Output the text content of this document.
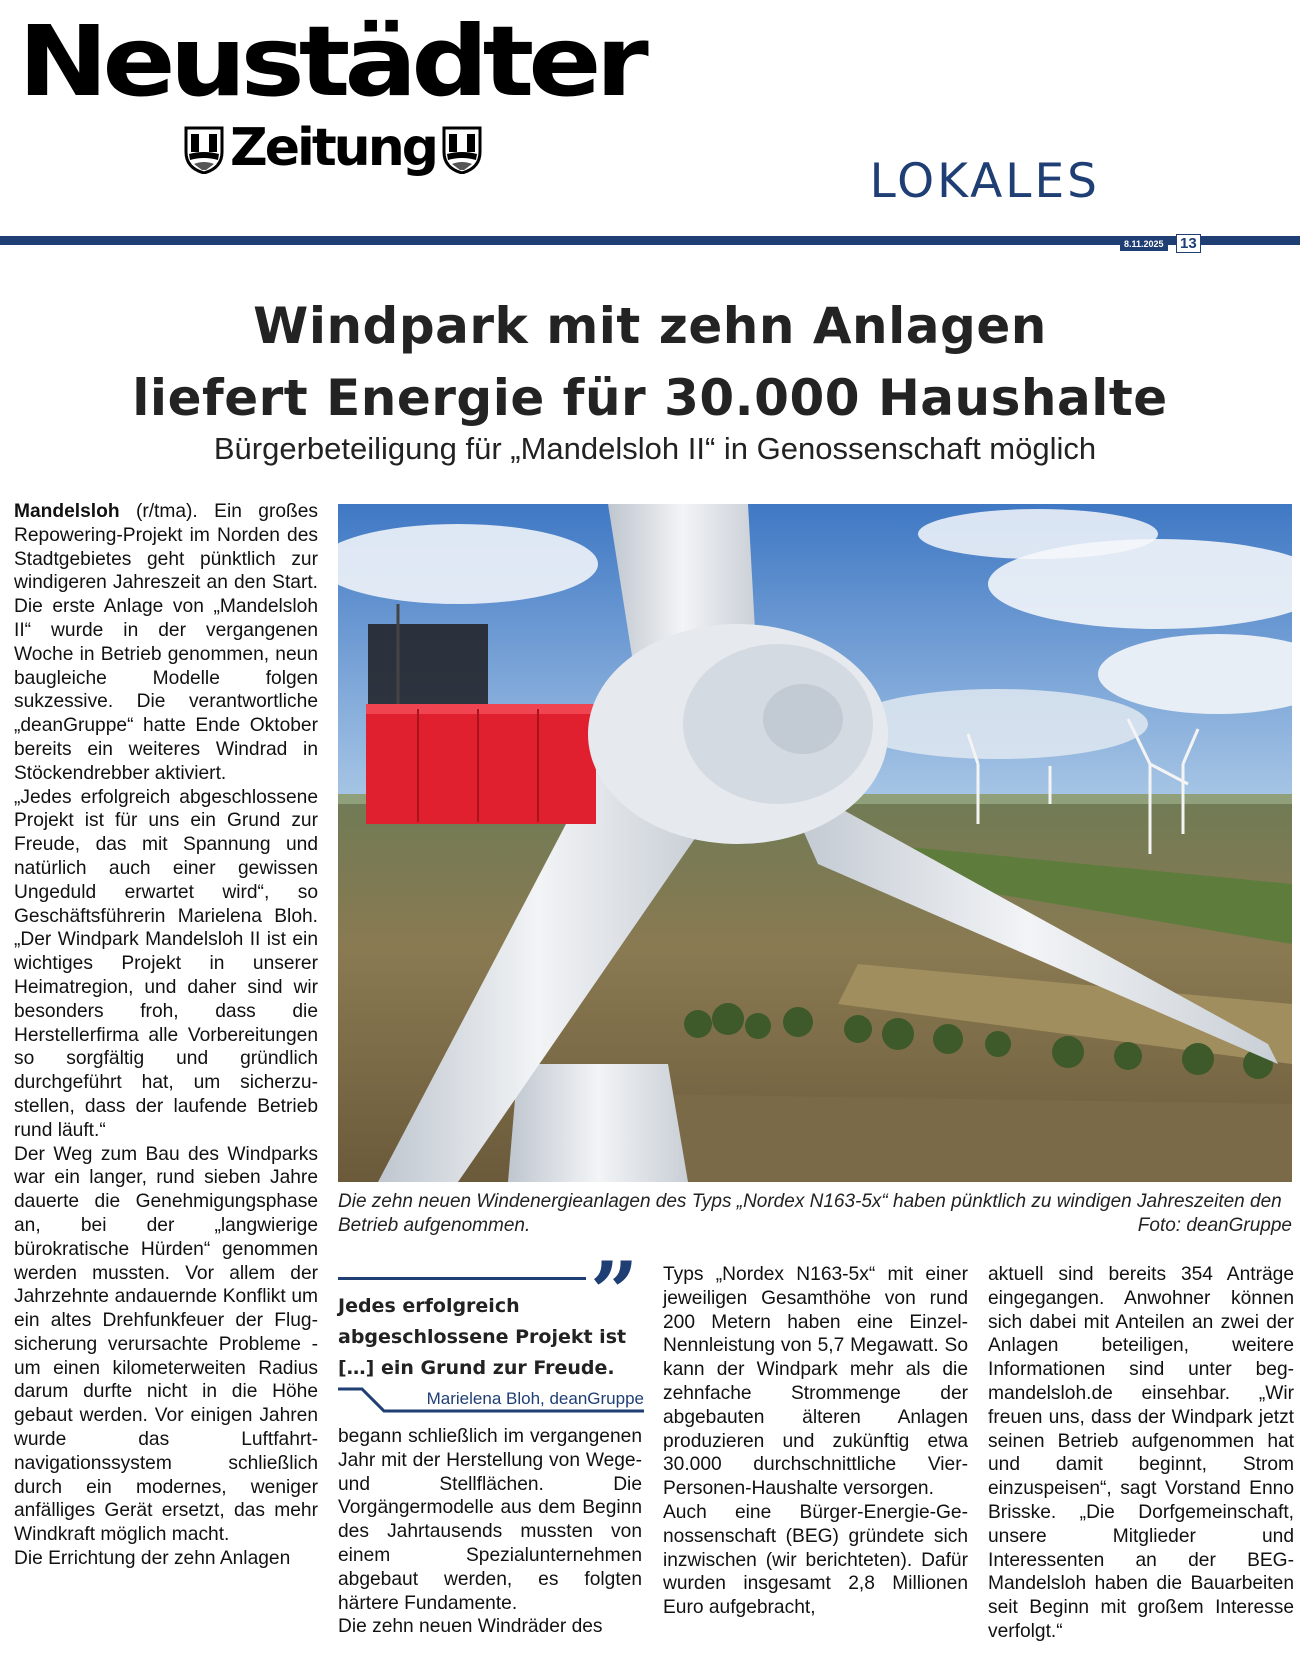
Neustädter
Zeitung
LOKALES
8.11.2025 13
Windpark mit zehn Anlagen
liefert Energie für 30.000 Haushalte
Bürgerbeteiligung für „Mandelsloh II“ in Genossenschaft möglich

Mandelsloh (r/tma). Ein großes Repowering-Projekt im Norden des Stadtgebietes geht pünktlich zur windigeren Jahreszeit an den Start. Die erste Anlage von „Mandelsloh II“ wurde in der vergangenen Woche in Betrieb genommen, neun baugleiche Modelle folgen sukzessive. Die verantwortliche „deanGruppe“ hatte Ende Oktober bereits ein weiteres Windrad in Stöckendrebber aktiviert.

„Jedes erfolgreich abgeschlossene Projekt ist für uns ein Grund zur Freude, das mit Spannung und natürlich auch einer gewissen Ungeduld erwartet wird“, so Geschäftsführerin Marielena Bloh. „Der Windpark Mandelsloh II ist ein wichtiges Projekt in unserer Heimatregion, und daher sind wir besonders froh, dass die Herstellerfirma alle Vorbereitungen so sorgfältig und gründlich durchgeführt hat, um sicherzustellen, dass der laufende Betrieb rund läuft.“

Der Weg zum Bau des Windparks war ein langer, rund sieben Jahre dauerte die Genehmigungsphase an, bei der „langwierige bürokratische Hürden“ genommen werden mussten. Vor allem der Jahrzehnte andauernde Konflikt um ein altes Drehfunkfeuer der Flugsicherung verursachte Probleme - um einen kilometerweiten Radius darum durfte nicht in die Höhe gebaut werden. Vor einigen Jahren wurde das Luftfahrtnavigationssystem schließlich durch ein modernes, weniger anfälliges Gerät ersetzt, das mehr Windkraft möglich macht.

Die Errichtung der zehn Anlagen

Die zehn neuen Windenergieanlagen des Typs „Nordex N163-5x“ haben pünktlich zu windigen Jahreszeiten den Betrieb aufgenommen.	Foto: deanGruppe
”
Jedes erfolgreich abgeschlossene Projekt ist […] ein Grund zur Freude.
Marielena Bloh, deanGruppe

begann schließlich im vergangenen Jahr mit der Herstellung von Wege- und Stellflächen. Die Vorgängermodelle aus dem Beginn des Jahrtausends mussten von einem Spezialunternehmen abgebaut werden, es folgten härtere Fundamente.

Die zehn neuen Windräder des

Typs „Nordex N163-5x“ mit einer jeweiligen Gesamthöhe von rund 200 Metern haben eine Einzel-Nennleistung von 5,7 Megawatt. So kann der Windpark mehr als die zehnfache Strommenge der abgebauten älteren Anlagen produzieren und zukünftig etwa 30.000 durchschnittliche Vier-Personen-Haushalte versorgen.

Auch eine Bürger-Energie-Genossenschaft (BEG) gründete sich inzwischen (wir berichteten). Dafür wurden insgesamt 2,8 Millionen Euro aufgebracht,

aktuell sind bereits 354 Anträge eingegangen. Anwohner können sich dabei mit Anteilen an zwei der Anlagen beteiligen, weitere Informationen sind unter beg-mandelsloh.de einsehbar. „Wir freuen uns, dass der Windpark jetzt seinen Betrieb aufgenommen hat und damit beginnt, Strom einzuspeisen“, sagt Vorstand Enno Brisske. „Die Dorfgemeinschaft, unsere Mitglieder und Interessenten an der BEG-Mandelsloh haben die Bauarbeiten seit Beginn mit großem Interesse verfolgt.“
